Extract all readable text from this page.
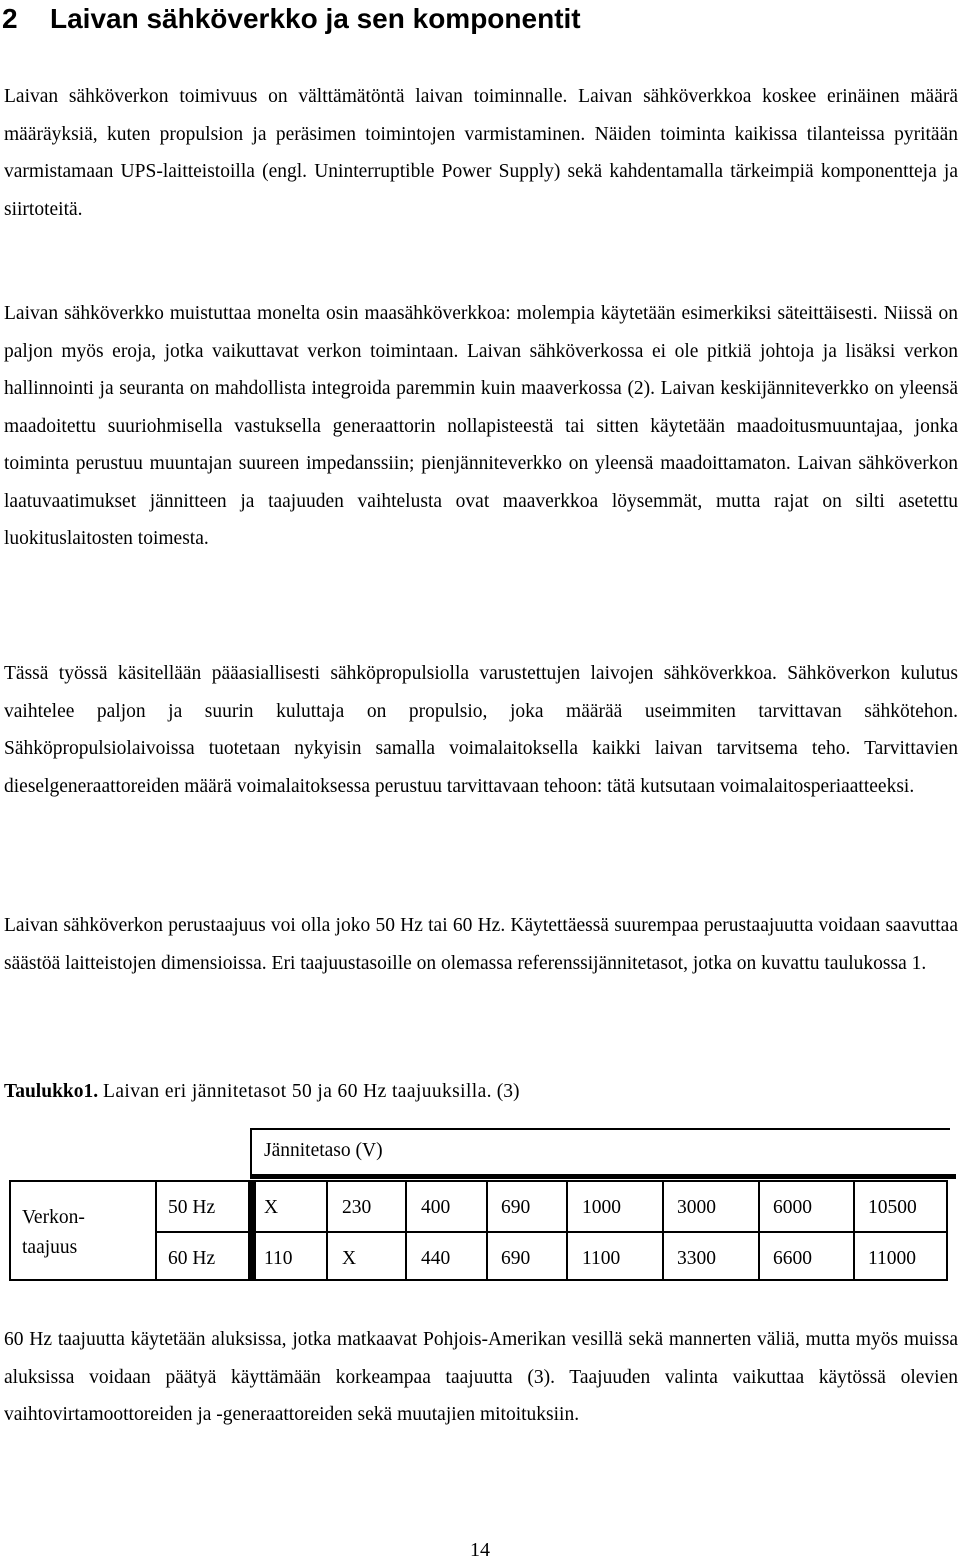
2 Laivan sähköverkko ja sen komponentit

Laivan sähköverkon toimivuus on välttämätöntä laivan toiminnalle. Laivan sähköverkkoa koskee erinäinen määrä määräyksiä, kuten propulsion ja peräsimen toimintojen varmistaminen. Näiden toiminta kaikissa tilanteissa pyritään varmistamaan UPS-laitteistoilla (engl. Uninterruptible Power Supply) sekä kahdentamalla tärkeimpiä komponentteja ja siirtoteitä.

Laivan sähköverkko muistuttaa monelta osin maasähköverkkoa: molempia käytetään esimerkiksi säteittäisesti. Niissä on paljon myös eroja, jotka vaikuttavat verkon toimintaan. Laivan sähköverkossa ei ole pitkiä johtoja ja lisäksi verkon hallinnointi ja seuranta on mahdollista integroida paremmin kuin maaverkossa (2). Laivan keskijänniteverkko on yleensä maadoitettu suuriohmisella vastuksella generaattorin nollapisteestä tai sitten käytetään maadoitusmuuntajaa, jonka toiminta perustuu muuntajan suureen impedanssiin; pienjänniteverkko on yleensä maadoittamaton. Laivan sähköverkon laatuvaatimukset jännitteen ja taajuuden vaihtelusta ovat maaverkkoa löysemmät, mutta rajat on silti asetettu luokituslaitosten toimesta.

Tässä työssä käsitellään pääasiallisesti sähköpropulsiolla varustettujen laivojen sähköverkkoa. Sähköverkon kulutus vaihtelee paljon ja suurin kuluttaja on propulsio, joka määrää useimmiten tarvittavan sähkötehon. Sähköpropulsiolaivoissa tuotetaan nykyisin samalla voimalaitoksella kaikki laivan tarvitsema teho. Tarvittavien dieselgeneraattoreiden määrä voimalaitoksessa perustuu tarvittavaan tehoon: tätä kutsutaan voimalaitosperiaatteeksi.

Laivan sähköverkon perustaajuus voi olla joko 50 Hz tai 60 Hz. Käytettäessä suurempaa perustaajuutta voidaan saavuttaa säästöä laitteistojen dimensioissa. Eri taajuustasoille on olemassa referenssijännitetasot, jotka on kuvattu taulukossa 1.

Taulukko1. Laivan eri jännitetasot 50 ja 60 Hz taajuuksilla. (3)

Jännitetaso (V)
Verkon-
taajuus
50 Hz	X	230	400	690	1000	3000	6000	10500
60 Hz	110	X	440	690	1100	3300	6600	11000

60 Hz taajuutta käytetään aluksissa, jotka matkaavat Pohjois-Amerikan vesillä sekä mannerten väliä, mutta myös muissa aluksissa voidaan päätyä käyttämään korkeampaa taajuutta (3). Taajuuden valinta vaikuttaa käytössä olevien vaihtovirtamoottoreiden ja -generaattoreiden sekä muutajien mitoituksiin.

14
